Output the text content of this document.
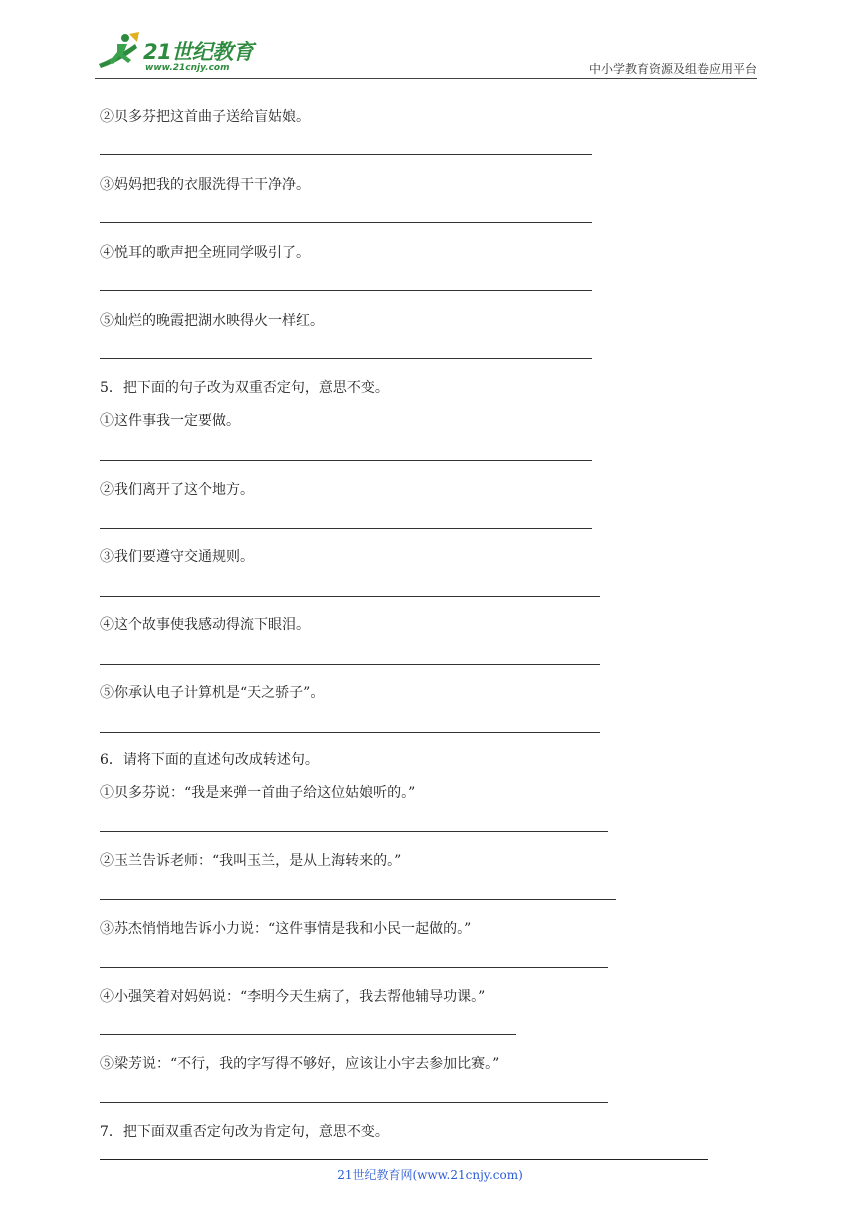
21世纪教育
www.21cnjy.com	中小学教育资源及组卷应用平台
②贝多芬把这首曲子送给盲姑娘。
③妈妈把我的衣服洗得干干净净。
④悦耳的歌声把全班同学吸引了。
⑤灿烂的晚霞把湖水映得火一样红。
5．把下面的句子改为双重否定句，意思不变。
①这件事我一定要做。
②我们离开了这个地方。
③我们要遵守交通规则。
④这个故事使我感动得流下眼泪。
⑤你承认电子计算机是“天之骄子”。
6．请将下面的直述句改成转述句。
①贝多芬说：“我是来弹一首曲子给这位姑娘听的。”
②玉兰告诉老师：“我叫玉兰，是从上海转来的。”
③苏杰悄悄地告诉小力说：“这件事情是我和小民一起做的。”
④小强笑着对妈妈说：“李明今天生病了，我去帮他辅导功课。”
⑤梁芳说：“不行，我的字写得不够好，应该让小宇去参加比赛。”
7．把下面双重否定句改为肯定句，意思不变。
21世纪教育网(www.21cnjy.com)
